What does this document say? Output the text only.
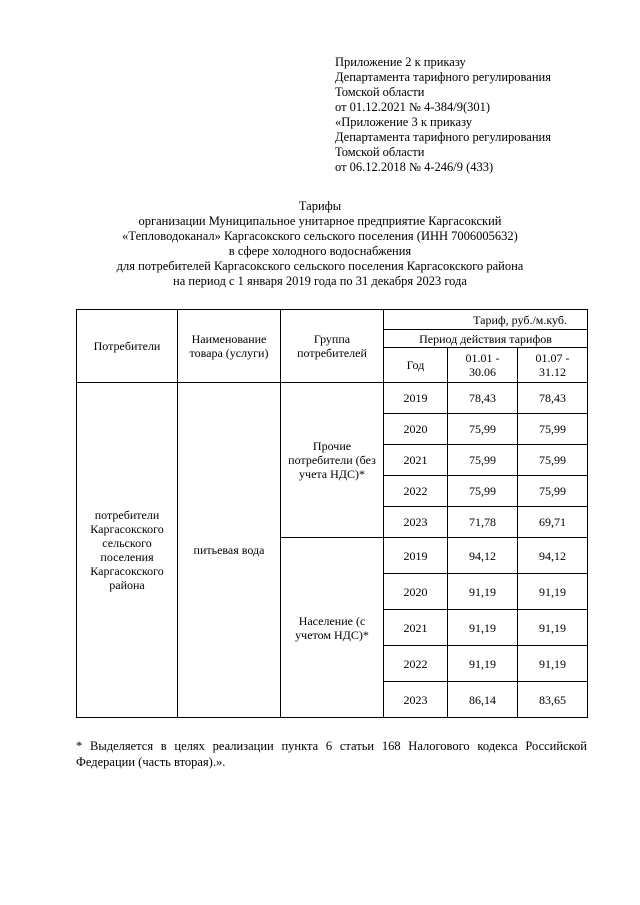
Приложение 2 к приказу
Департамента тарифного регулирования
Томской области
от 01.12.2021 № 4-384/9(301)
«Приложение 3 к приказу
Департамента тарифного регулирования
Томской области
от 06.12.2018 № 4-246/9 (433)
Тарифы
организации Муниципальное унитарное предприятие Каргасокский
«Тепловодоканал» Каргасокского сельского поселения (ИНН 7006005632)
в сфере холодного водоснабжения
для потребителей Каргасокского сельского поселения Каргасокского района
на период с 1 января 2019 года по 31 декабря 2023 года
Потребители	Наименование товара (услуги)	Группа потребителей	Тариф, руб./м.куб.		
			Период действия тарифов		
			Год	01.01 - 30.06	01.07 - 31.12
потребители Каргасокского сельского поселения Каргасокского района	питьевая вода	Прочие потребители (без учета НДС)*	2019	78,43	78,43
			2020	75,99	75,99
			2021	75,99	75,99
			2022	75,99	75,99
			2023	71,78	69,71
		Население (с учетом НДС)*	2019	94,12	94,12
			2020	91,19	91,19
			2021	91,19	91,19
			2022	91,19	91,19
			2023	86,14	83,65
* Выделяется в целях реализации пункта 6 статьи 168 Налогового кодекса Российской Федерации (часть вторая).».
